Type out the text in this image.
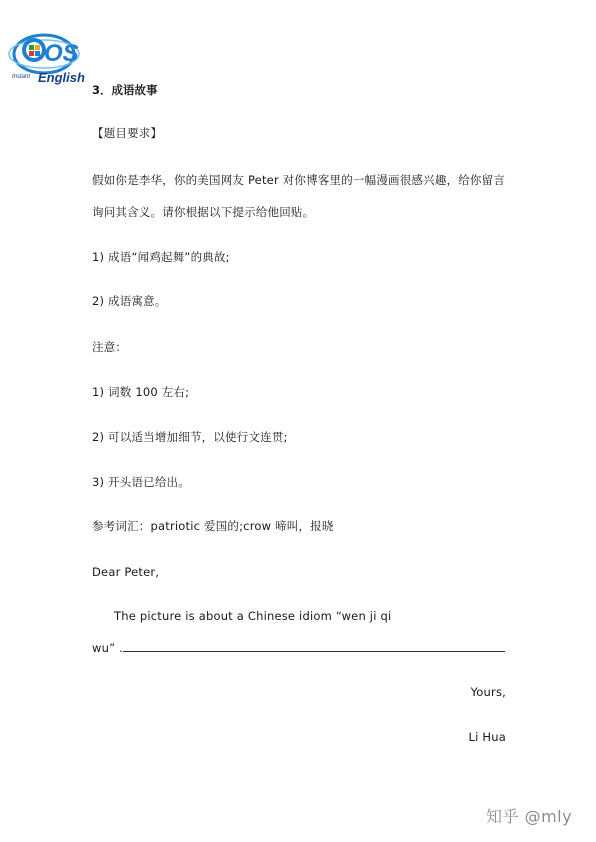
OS
Instant English
3．成语故事
【题目要求】
假如你是李华，你的美国网友 Peter 对你博客里的一幅漫画很感兴趣，给你留言
询问其含义。请你根据以下提示给他回贴。
1) 成语“闻鸡起舞”的典故;
2) 成语寓意。
注意：
1) 词数 100 左右;
2) 可以适当增加细节，以使行文连贯;
3) 开头语已给出。
参考词汇：patriotic 爱国的;crow 啼叫，报晓
Dear Peter,
The picture is about a Chinese idiom “wen ji qi
wu” .
Yours,
Li Hua
知乎 @mly
